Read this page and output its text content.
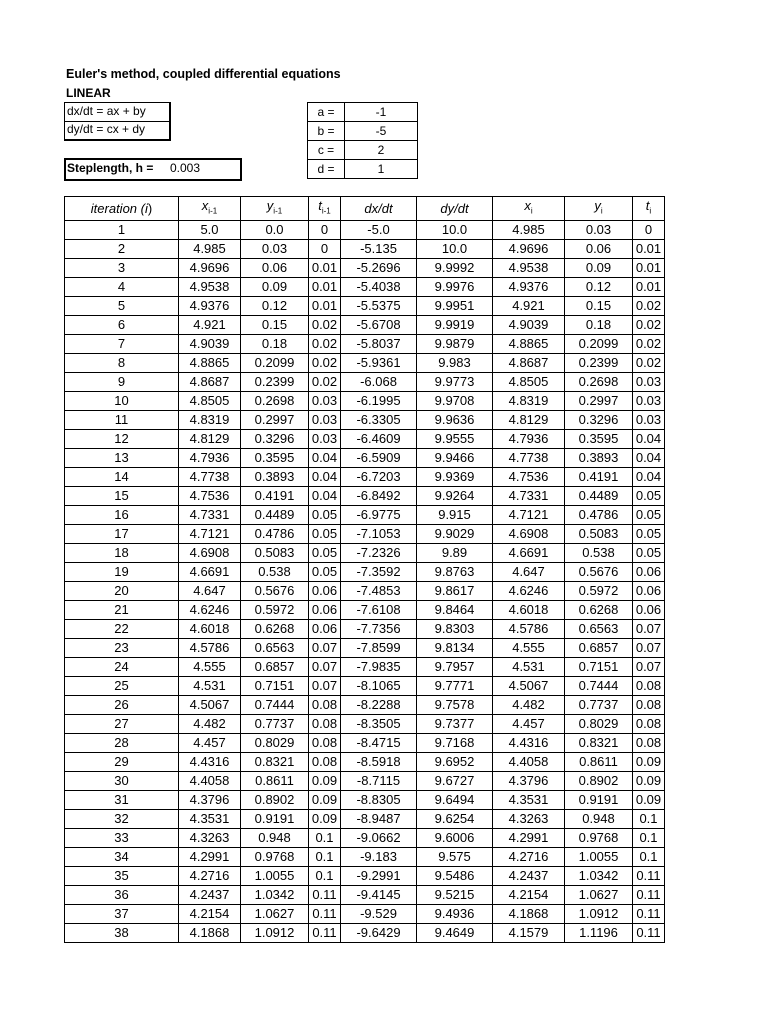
Euler's method, coupled differential equations
LINEAR
dx/dt = ax + by
dy/dt = cx + dy
Steplength, h = 0.003
a =	-1
b =	-5
c =	2
d =	1
iteration (i)	$x_{i-1}$	$y_{i-1}$	$t_{i-1}$	dx/dt	dy/dt	$x_i$	$y_i$	$t_i$
1	5.0	0.0	0	-5.0	10.0	4.985	0.03	0
2	4.985	0.03	0	-5.135	10.0	4.9696	0.06	0.01
3	4.9696	0.06	0.01	-5.2696	9.9992	4.9538	0.09	0.01
4	4.9538	0.09	0.01	-5.4038	9.9976	4.9376	0.12	0.01
5	4.9376	0.12	0.01	-5.5375	9.9951	4.921	0.15	0.02
6	4.921	0.15	0.02	-5.6708	9.9919	4.9039	0.18	0.02
7	4.9039	0.18	0.02	-5.8037	9.9879	4.8865	0.2099	0.02
8	4.8865	0.2099	0.02	-5.9361	9.983	4.8687	0.2399	0.02
9	4.8687	0.2399	0.02	-6.068	9.9773	4.8505	0.2698	0.03
10	4.8505	0.2698	0.03	-6.1995	9.9708	4.8319	0.2997	0.03
11	4.8319	0.2997	0.03	-6.3305	9.9636	4.8129	0.3296	0.03
12	4.8129	0.3296	0.03	-6.4609	9.9555	4.7936	0.3595	0.04
13	4.7936	0.3595	0.04	-6.5909	9.9466	4.7738	0.3893	0.04
14	4.7738	0.3893	0.04	-6.7203	9.9369	4.7536	0.4191	0.04
15	4.7536	0.4191	0.04	-6.8492	9.9264	4.7331	0.4489	0.05
16	4.7331	0.4489	0.05	-6.9775	9.915	4.7121	0.4786	0.05
17	4.7121	0.4786	0.05	-7.1053	9.9029	4.6908	0.5083	0.05
18	4.6908	0.5083	0.05	-7.2326	9.89	4.6691	0.538	0.05
19	4.6691	0.538	0.05	-7.3592	9.8763	4.647	0.5676	0.06
20	4.647	0.5676	0.06	-7.4853	9.8617	4.6246	0.5972	0.06
21	4.6246	0.5972	0.06	-7.6108	9.8464	4.6018	0.6268	0.06
22	4.6018	0.6268	0.06	-7.7356	9.8303	4.5786	0.6563	0.07
23	4.5786	0.6563	0.07	-7.8599	9.8134	4.555	0.6857	0.07
24	4.555	0.6857	0.07	-7.9835	9.7957	4.531	0.7151	0.07
25	4.531	0.7151	0.07	-8.1065	9.7771	4.5067	0.7444	0.08
26	4.5067	0.7444	0.08	-8.2288	9.7578	4.482	0.7737	0.08
27	4.482	0.7737	0.08	-8.3505	9.7377	4.457	0.8029	0.08
28	4.457	0.8029	0.08	-8.4715	9.7168	4.4316	0.8321	0.08
29	4.4316	0.8321	0.08	-8.5918	9.6952	4.4058	0.8611	0.09
30	4.4058	0.8611	0.09	-8.7115	9.6727	4.3796	0.8902	0.09
31	4.3796	0.8902	0.09	-8.8305	9.6494	4.3531	0.9191	0.09
32	4.3531	0.9191	0.09	-8.9487	9.6254	4.3263	0.948	0.1
33	4.3263	0.948	0.1	-9.0662	9.6006	4.2991	0.9768	0.1
34	4.2991	0.9768	0.1	-9.183	9.575	4.2716	1.0055	0.1
35	4.2716	1.0055	0.1	-9.2991	9.5486	4.2437	1.0342	0.11
36	4.2437	1.0342	0.11	-9.4145	9.5215	4.2154	1.0627	0.11
37	4.2154	1.0627	0.11	-9.529	9.4936	4.1868	1.0912	0.11
38	4.1868	1.0912	0.11	-9.6429	9.4649	4.1579	1.1196	0.11
